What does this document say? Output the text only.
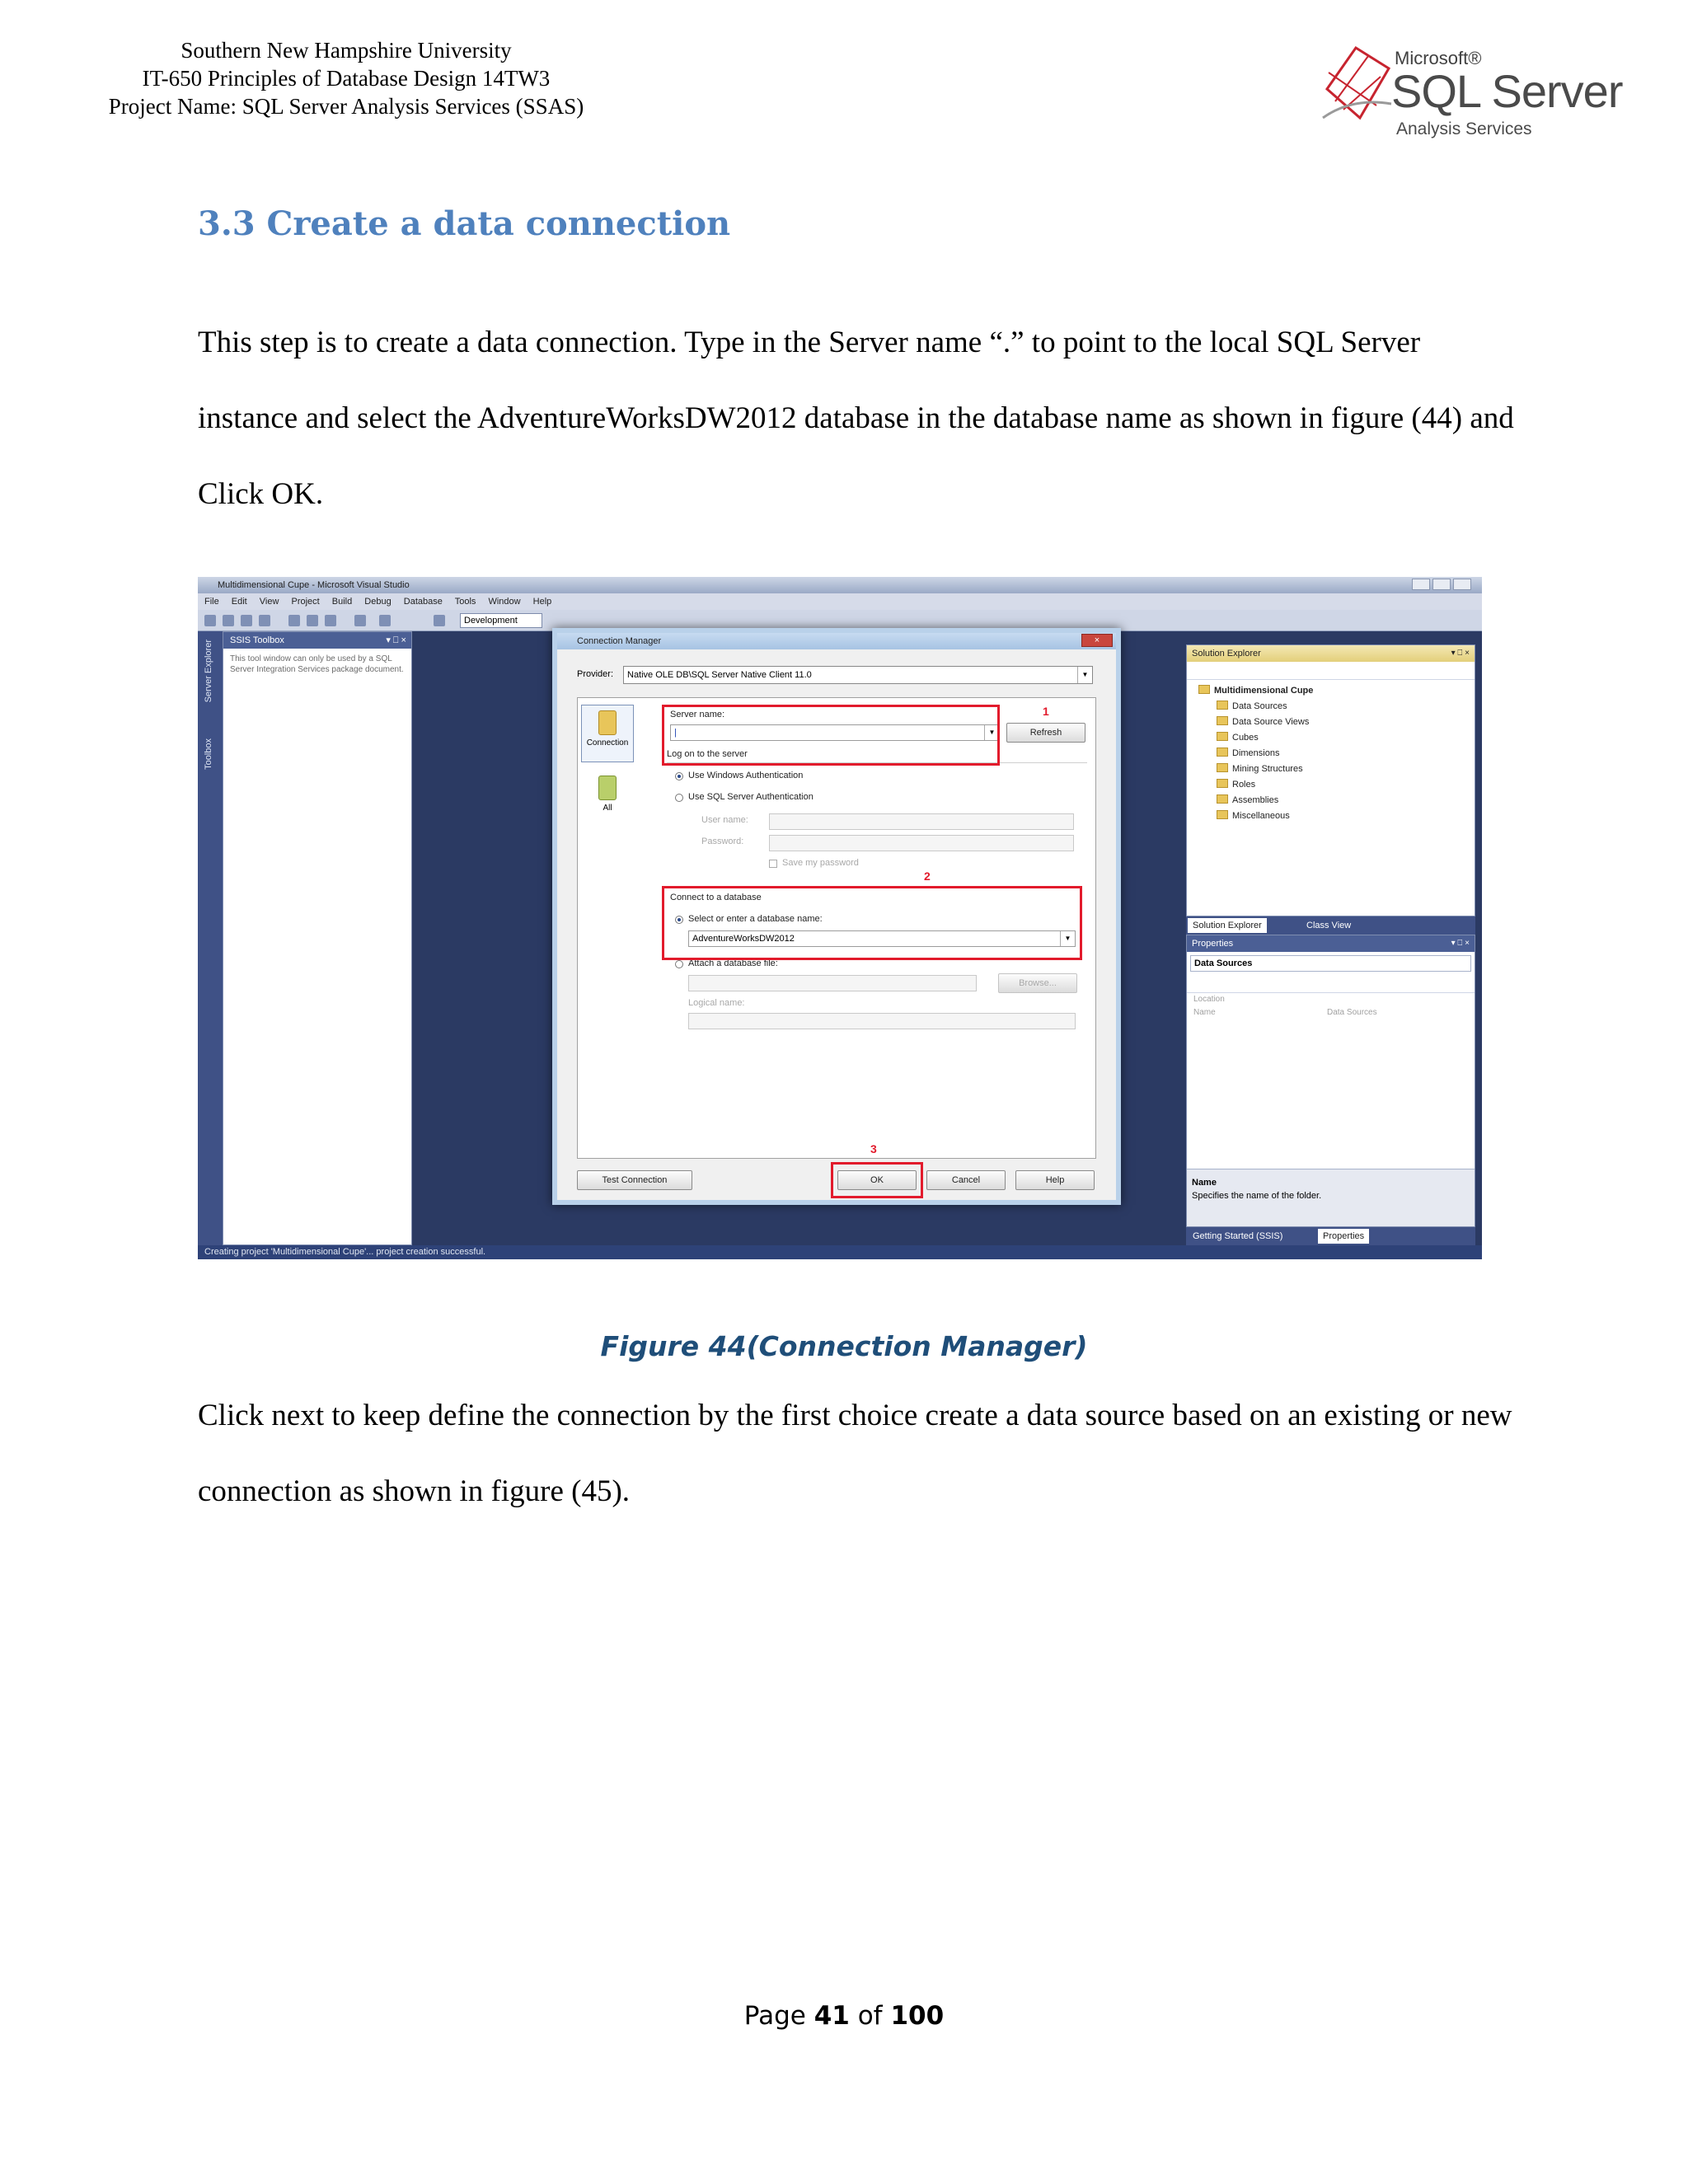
Southern New Hampshire University
IT-650 Principles of Database Design 14TW3
Project Name: SQL Server Analysis Services (SSAS)
Microsoft®
SQL Server
Analysis Services
3.3 Create a data connection
This step is to create a data connection. Type in the Server name “.” to point to the local SQL Server instance and select the AdventureWorksDW2012 database in the database name as shown in figure (44) and Click OK.
Multidimensional Cupe - Microsoft Visual Studio
File Edit View Project Build Debug Database Tools Window Help
Development
Server Explorer
Toolbox
SSIS Toolbox	▾ ⎕ ×
This tool window can only be used by a SQL Server Integration Services package document.
Solution Explorer	▾ ⎕ ×
Multidimensional Cupe
Data Sources
Data Source Views
Cubes
Dimensions
Mining Structures
Roles
Assemblies
Miscellaneous
Solution Explorer	Class View
Properties	▾ ⎕ ×
Data Sources
Location
Name	Data Sources
Name
Specifies the name of the folder.
Getting Started (SSIS)	Properties
Creating project 'Multidimensional Cupe'... project creation successful.
Connection Manager	×
Provider:	Native OLE DB\SQL Server Native Client 11.0	▼
Connection
All
Server name:
|	▼	Refresh
Log on to the server
Use Windows Authentication
Use SQL Server Authentication
User name:
Password:
Save my password
Connect to a database
Select or enter a database name:
AdventureWorksDW2012	▼
Attach a database file:
Browse...
Logical name:
1
2
Test Connection	OK	Cancel	Help
3
Figure 44(Connection Manager)
Click next to keep define the connection by the first choice create a data source based on an existing or new connection as shown in figure (45).
Page 41 of 100
